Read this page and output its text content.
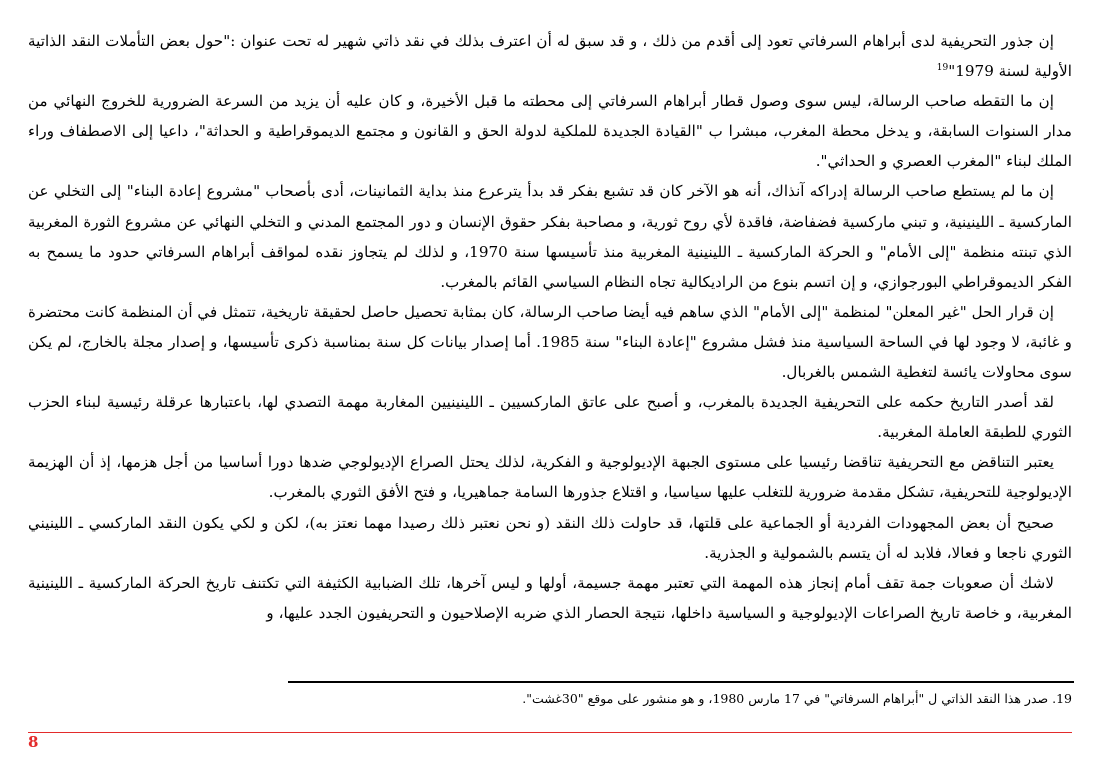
إن جذور التحريفية لدى أبراهام السرفاتي تعود إلى أقدم من ذلك ، و قد سبق له أن اعترف بذلك في نقد ذاتي شهير له تحت عنوان :"حول بعض التأملات النقد الذاتية الأولية لسنة 1979"$^{19}$

إن ما التقطه صاحب الرسالة، ليس سوى وصول قطار أبراهام السرفاتي إلى محطته ما قبل الأخيرة، و كان عليه أن يزيد من السرعة الضرورية للخروج النهائي من مدار السنوات السابقة، و يدخل محطة المغرب، مبشرا ب "القيادة الجديدة للملكية لدولة الحق و القانون و مجتمع الديموقراطية و الحداثة"، داعيا إلى الاصطفاف وراء الملك لبناء "المغرب العصري و الحداثي".

إن ما لم يستطع صاحب الرسالة إدراكه آنذاك، أنه هو الآخر كان قد تشبع بفكر قد بدأ يترعرع منذ بداية الثمانينات، أدى بأصحاب "مشروع إعادة البناء" إلى التخلي عن الماركسية ـ اللينينية، و تبني ماركسية فضفاضة، فاقدة لأي روح ثورية، و مصاحبة بفكر حقوق الإنسان و دور المجتمع المدني و التخلي النهائي عن مشروع الثورة المغربية الذي تبنته منظمة "إلى الأمام" و الحركة الماركسية ـ اللينينية المغربية منذ تأسيسها سنة 1970، و لذلك لم يتجاوز نقده لمواقف أبراهام السرفاتي حدود ما يسمح به الفكر الديموقراطي البورجوازي، و إن اتسم بنوع من الراديكالية تجاه النظام السياسي القائم بالمغرب.

إن قرار الحل "غير المعلن" لمنظمة "إلى الأمام" الذي ساهم فيه أيضا صاحب الرسالة، كان بمثابة تحصيل حاصل لحقيقة تاريخية، تتمثل في أن المنظمة كانت محتضرة و غائبة، لا وجود لها في الساحة السياسية منذ فشل مشروع "إعادة البناء" سنة 1985. أما إصدار بيانات كل سنة بمناسبة ذكرى تأسيسها، و إصدار مجلة بالخارج، لم يكن سوى محاولات يائسة لتغطية الشمس بالغربال.

لقد أصدر التاريخ حكمه على التحريفية الجديدة بالمغرب، و أصبح على عاتق الماركسيين ـ اللينينيين المغاربة مهمة التصدي لها، باعتبارها عرقلة رئيسية لبناء الحزب الثوري للطبقة العاملة المغربية.

يعتبر التناقض مع التحريفية تناقضا رئيسيا على مستوى الجبهة الإديولوجية و الفكرية، لذلك يحتل الصراع الإديولوجي ضدها دورا أساسيا من أجل هزمها، إذ أن الهزيمة الإديولوجية للتحريفية، تشكل مقدمة ضرورية للتغلب عليها سياسيا، و اقتلاع جذورها السامة جماهيريا، و فتح الأفق الثوري بالمغرب.

صحيح أن بعض المجهودات الفردية أو الجماعية على قلتها، قد حاولت ذلك النقد (و نحن نعتبر ذلك رصيدا مهما نعتز به)، لكن و لكي يكون النقد الماركسي ـ اللينيني الثوري ناجعا و فعالا، فلابد له أن يتسم بالشمولية و الجذرية.

لاشك أن صعوبات جمة تقف أمام إنجاز هذه المهمة التي تعتبر مهمة جسيمة، أولها و ليس آخرها، تلك الضبابية الكثيفة التي تكتنف تاريخ الحركة الماركسية ـ اللينينية المغربية، و خاصة تاريخ الصراعات الإديولوجية و السياسية داخلها، نتيجة الحصار الذي ضربه الإصلاحيون و التحريفيون الجدد عليها، و

19. صدر هذا النقد الذاتي ل "أبراهام السرفاتي" في 17 مارس 1980، و هو منشور على موقع "30غشت".
8
